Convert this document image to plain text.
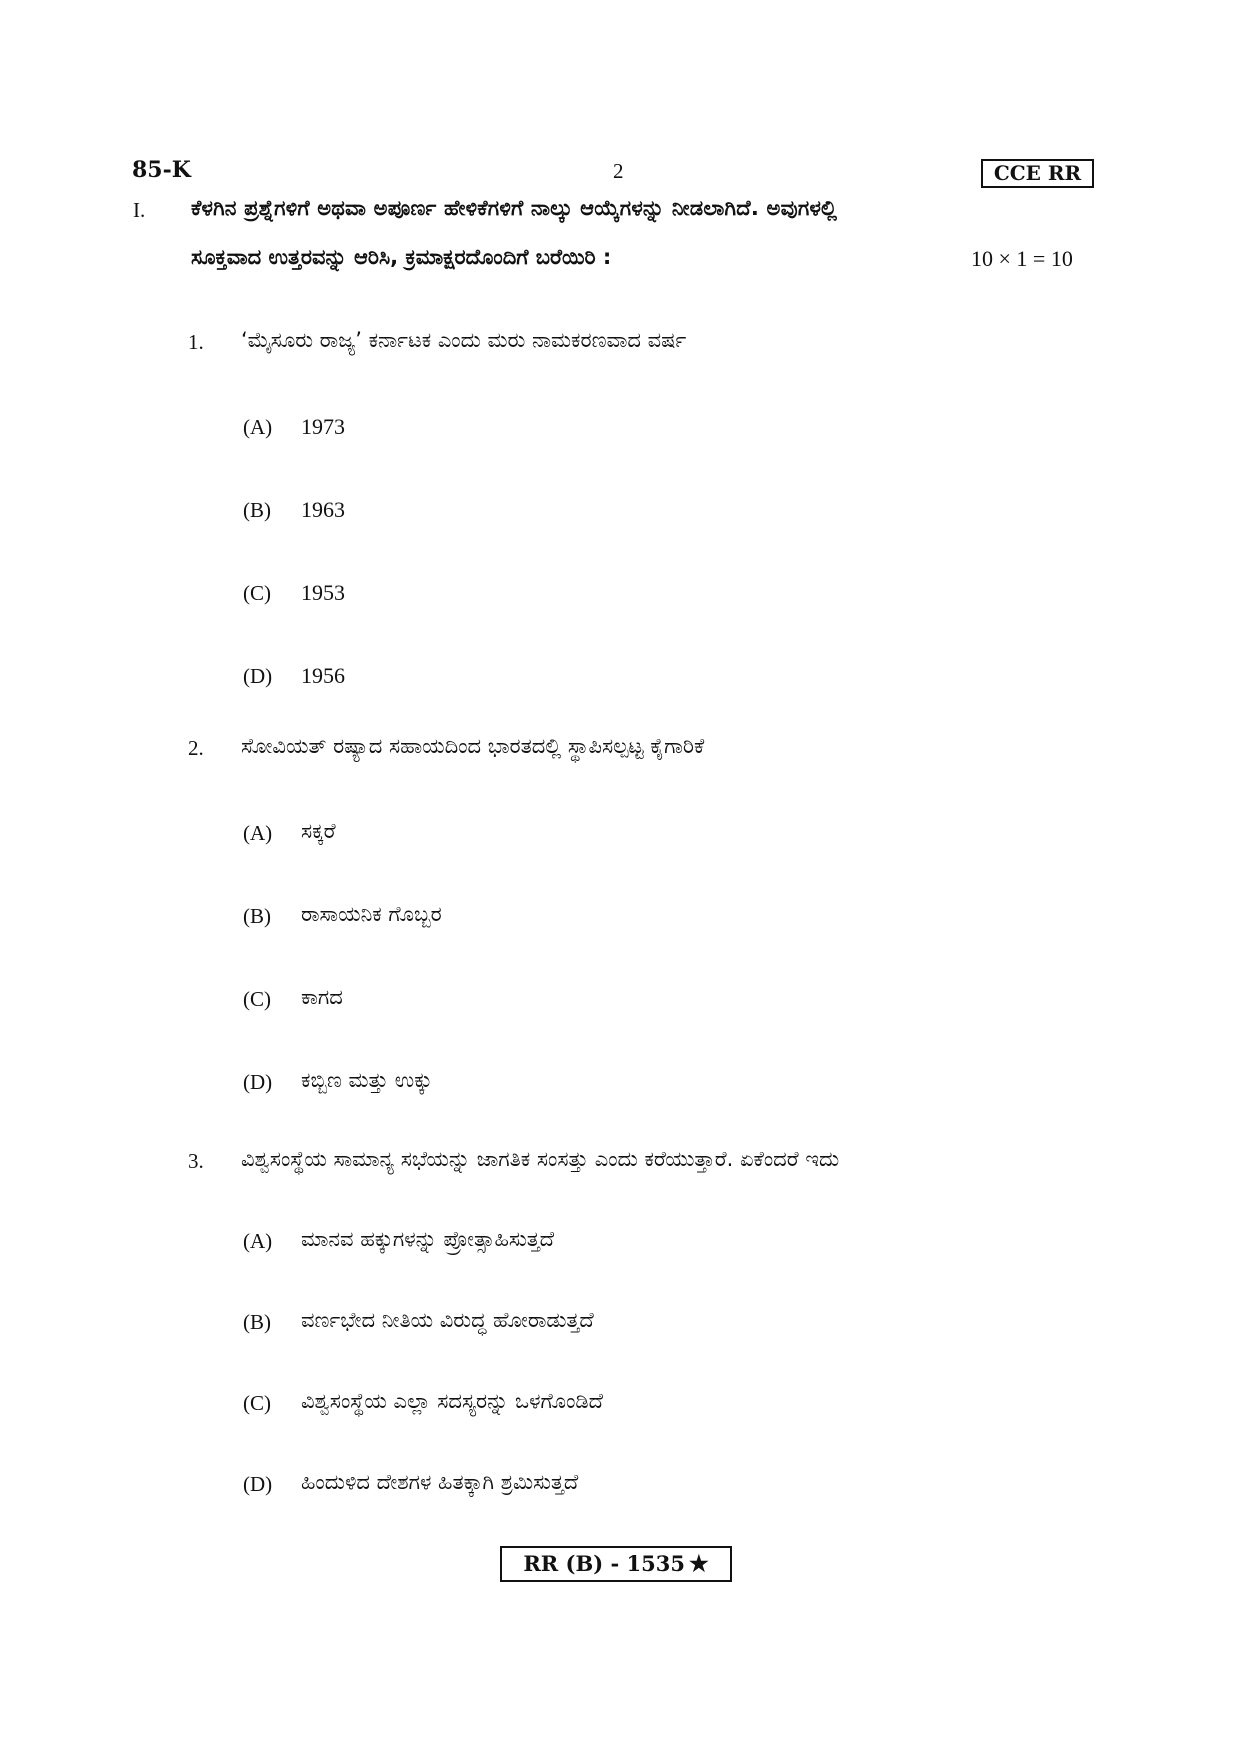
85-K	2	CCE RR
I. ಕೆಳಗಿನ ಪ್ರಶ್ನೆಗಳಿಗೆ ಅಥವಾ ಅಪೂರ್ಣ ಹೇಳಿಕೆಗಳಿಗೆ ನಾಲ್ಕು ಆಯ್ಕೆಗಳನ್ನು ನೀಡಲಾಗಿದೆ. ಅವುಗಳಲ್ಲಿ
ಸೂಕ್ತವಾದ ಉತ್ತರವನ್ನು ಆರಿಸಿ, ಕ್ರಮಾಕ್ಷರದೊಂದಿಗೆ ಬರೆಯಿರಿ :	10 × 1 = 10
1. ‘ಮೈಸೂರು ರಾಜ್ಯ’ ಕರ್ನಾಟಕ ಎಂದು ಮರು ನಾಮಕರಣವಾದ ವರ್ಷ
(A) 1973
(B) 1963
(C) 1953
(D) 1956
2. ಸೋವಿಯತ್ ರಷ್ಯಾದ ಸಹಾಯದಿಂದ ಭಾರತದಲ್ಲಿ ಸ್ಥಾಪಿಸಲ್ಪಟ್ಟ ಕೈಗಾರಿಕೆ
(A) ಸಕ್ಕರೆ
(B) ರಾಸಾಯನಿಕ ಗೊಬ್ಬರ
(C) ಕಾಗದ
(D) ಕಬ್ಬಿಣ ಮತ್ತು ಉಕ್ಕು
3. ವಿಶ್ವಸಂಸ್ಥೆಯ ಸಾಮಾನ್ಯ ಸಭೆಯನ್ನು ಜಾಗತಿಕ ಸಂಸತ್ತು ಎಂದು ಕರೆಯುತ್ತಾರೆ. ಏಕೆಂದರೆ ಇದು
(A) ಮಾನವ ಹಕ್ಕುಗಳನ್ನು ಪ್ರೋತ್ಸಾಹಿಸುತ್ತದೆ
(B) ವರ್ಣಭೇದ ನೀತಿಯ ವಿರುದ್ಧ ಹೋರಾಡುತ್ತದೆ
(C) ವಿಶ್ವಸಂಸ್ಥೆಯ ಎಲ್ಲಾ ಸದಸ್ಯರನ್ನು ಒಳಗೊಂಡಿದೆ
(D) ಹಿಂದುಳಿದ ದೇಶಗಳ ಹಿತಕ್ಕಾಗಿ ಶ್ರಮಿಸುತ್ತದೆ
RR (B) - 1535 ★
